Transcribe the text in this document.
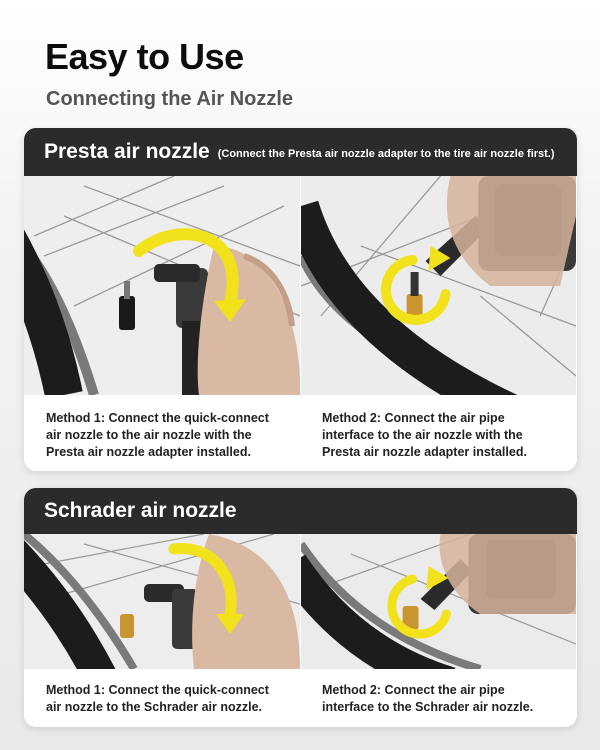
Easy to Use
Connecting the Air Nozzle
Presta air nozzle (Connect the Presta air nozzle adapter to the tire air nozzle first.)
Method 1: Connect the quick-connect air nozzle to the air nozzle with the Presta air nozzle adapter installed.
Method 2: Connect the air pipe interface to the air nozzle with the Presta air nozzle adapter installed.
Schrader air nozzle
Method 1: Connect the quick-connect air nozzle to the Schrader air nozzle.
Method 2: Connect the air pipe interface to the Schrader air nozzle.
